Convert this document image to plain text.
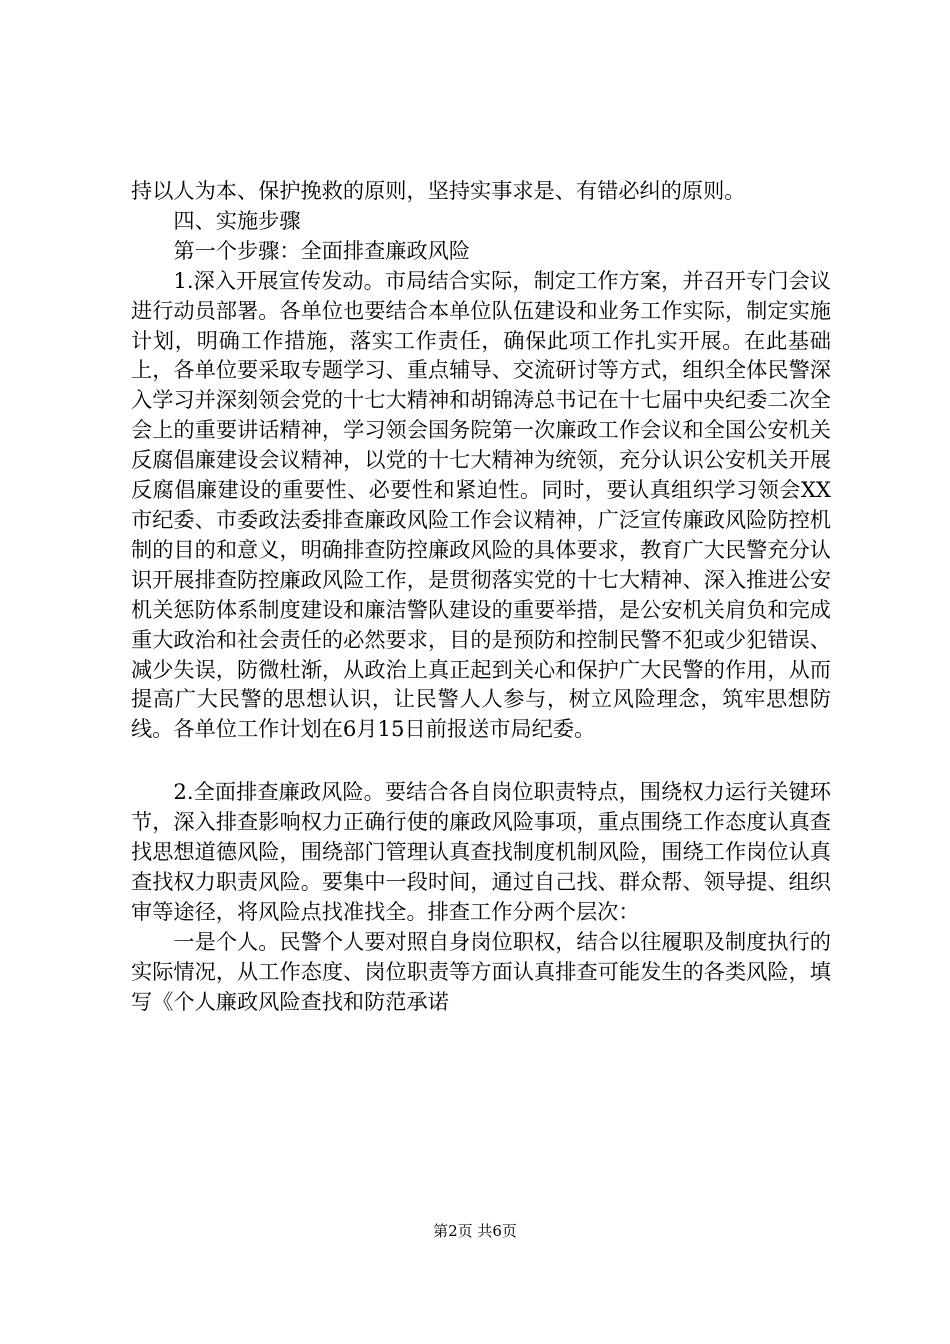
持以人为本、保护挽救的原则，坚持实事求是、有错必纠的原则。

四、实施步骤

第一个步骤：全面排查廉政风险

1.深入开展宣传发动。市局结合实际，制定工作方案，并召开专门会议进行动员部署。各单位也要结合本单位队伍建设和业务工作实际，制定实施计划，明确工作措施，落实工作责任，确保此项工作扎实开展。在此基础上，各单位要采取专题学习、重点辅导、交流研讨等方式，组织全体民警深入学习并深刻领会党的十七大精神和胡锦涛总书记在十七届中央纪委二次全会上的重要讲话精神，学习领会国务院第一次廉政工作会议和全国公安机关反腐倡廉建设会议精神，以党的十七大精神为统领，充分认识公安机关开展反腐倡廉建设的重要性、必要性和紧迫性。同时，要认真组织学习领会XX市纪委、市委政法委排查廉政风险工作会议精神，广泛宣传廉政风险防控机制的目的和意义，明确排查防控廉政风险的具体要求，教育广大民警充分认识开展排查防控廉政风险工作，是贯彻落实党的十七大精神、深入推进公安机关惩防体系制度建设和廉洁警队建设的重要举措，是公安机关肩负和完成重大政治和社会责任的必然要求，目的是预防和控制民警不犯或少犯错误、减少失误，防微杜渐，从政治上真正起到关心和保护广大民警的作用，从而提高广大民警的思想认识，让民警人人参与，树立风险理念，筑牢思想防线。各单位工作计划在6月15日前报送市局纪委。

2.全面排查廉政风险。要结合各自岗位职责特点，围绕权力运行关键环节，深入排查影响权力正确行使的廉政风险事项，重点围绕工作态度认真查找思想道德风险，围绕部门管理认真查找制度机制风险，围绕工作岗位认真查找权力职责风险。要集中一段时间，通过自己找、群众帮、领导提、组织审等途径，将风险点找准找全。排查工作分两个层次：

一是个人。民警个人要对照自身岗位职权，结合以往履职及制度执行的实际情况，从工作态度、岗位职责等方面认真排查可能发生的各类风险，填写《个人廉政风险查找和防范承诺

第2页 共6页
